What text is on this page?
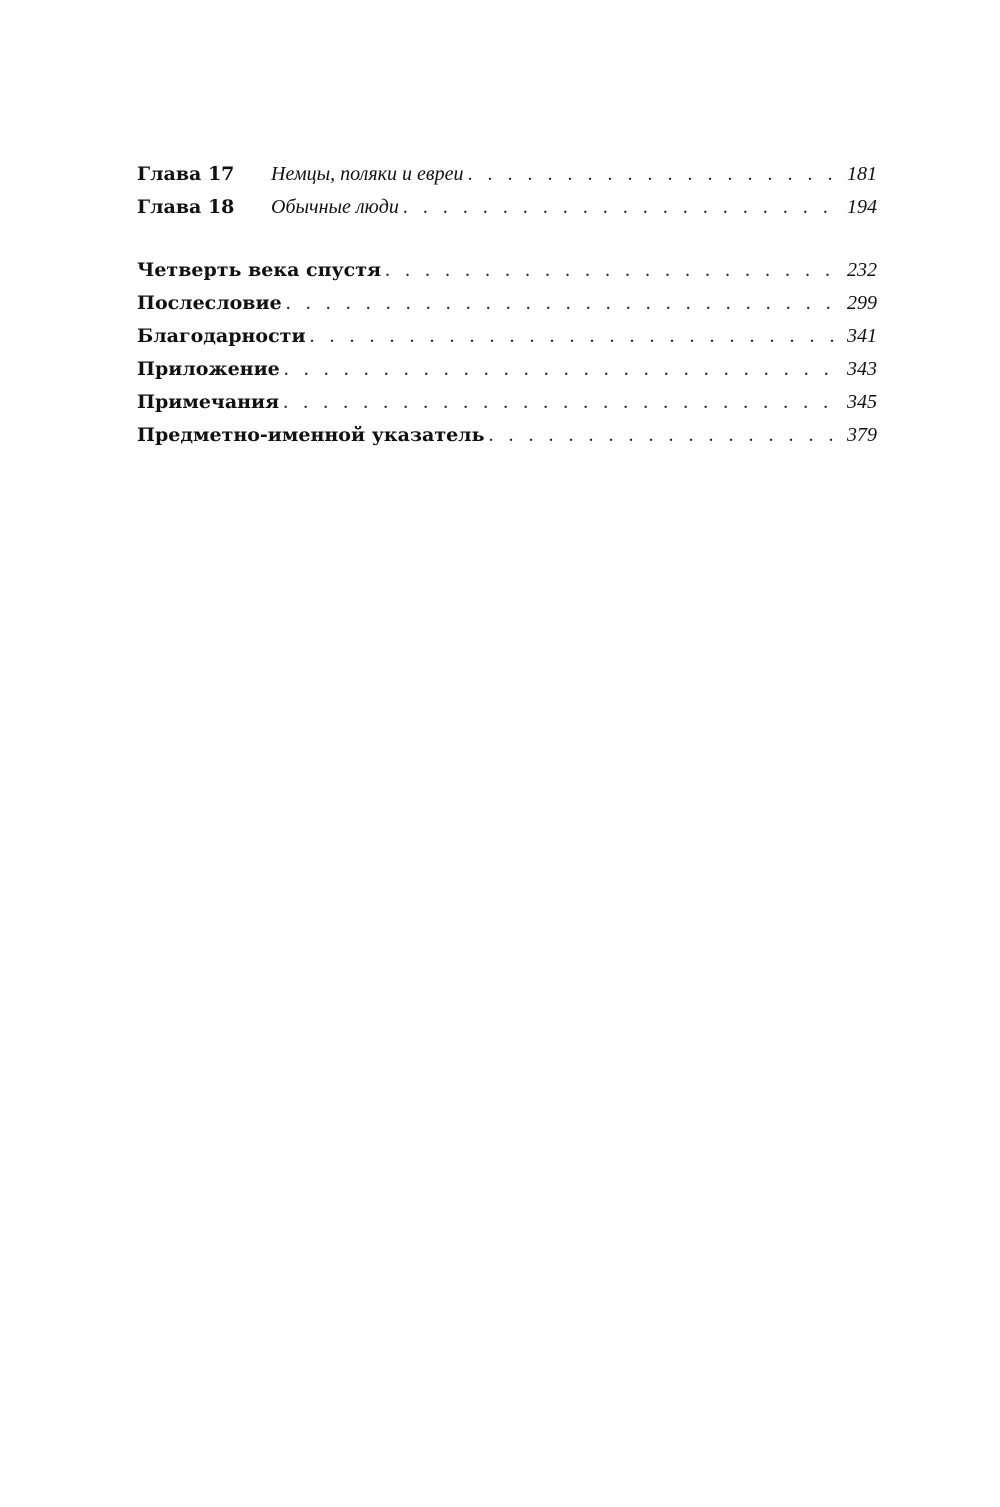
Глава 17	Немцы, поляки и евреи . . .	181
Глава 18	Обычные люди . . .	194
Четверть века спустя . . .	232
Послесловие . . .	299
Благодарности . . .	341
Приложение . . .	343
Примечания . . .	345
Предметно-именной указатель . . .	379
